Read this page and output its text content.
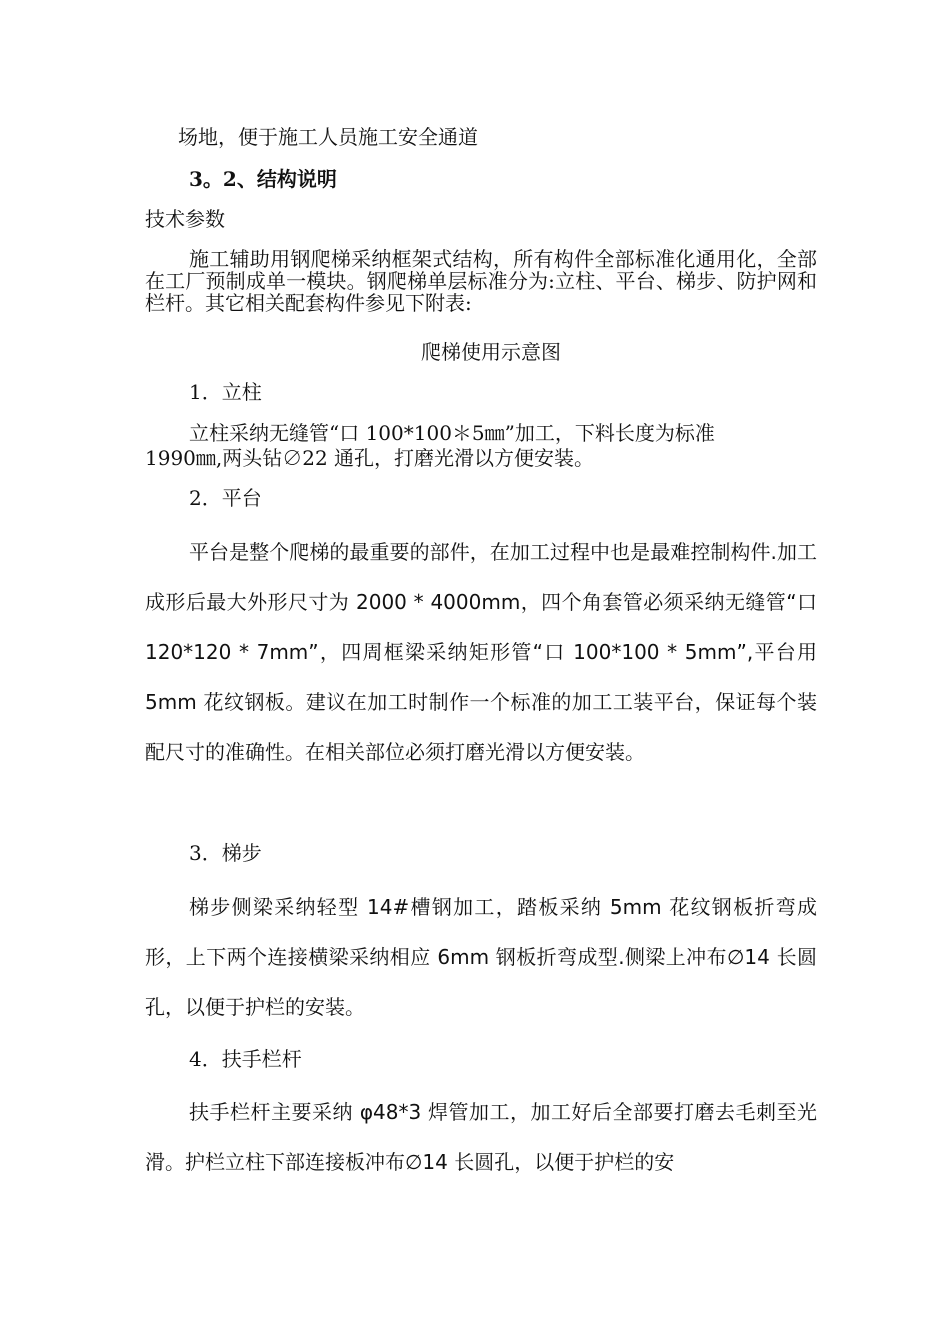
场地，便于施工人员施工安全通道
3。2、结构说明
技术参数

施工辅助用钢爬梯采纳框架式结构，所有构件全部标准化通用化，全部在工厂预制成单一模块。钢爬梯单层标准分为:立柱、平台、梯步、防护网和栏杆。其它相关配套构件参见下附表:

爬梯使用示意图
1．立柱
立柱采纳无缝管“口 100*100＊5㎜”加工，下料长度为标准
1990㎜,两头钻∅22 通孔，打磨光滑以方便安装。
2．平台

平台是整个爬梯的最重要的部件，在加工过程中也是最难控制构件.加工成形后最大外形尺寸为 2000 * 4000mm，四个角套管必须采纳无缝管“口 120*120 * 7mm”，四周框梁采纳矩形管“口 100*100 * 5mm”,平台用 5mm 花纹钢板。建议在加工时制作一个标准的加工工装平台，保证每个装配尺寸的准确性。在相关部位必须打磨光滑以方便安装。

3．梯步

梯步侧梁采纳轻型 14#槽钢加工，踏板采纳 5mm 花纹钢板折弯成形，上下两个连接横梁采纳相应 6mm 钢板折弯成型.侧梁上冲布∅14 长圆孔，以便于护栏的安装。

4．扶手栏杆

扶手栏杆主要采纳 φ48*3 焊管加工，加工好后全部要打磨去毛刺至光滑。护栏立柱下部连接板冲布∅14 长圆孔，以便于护栏的安
